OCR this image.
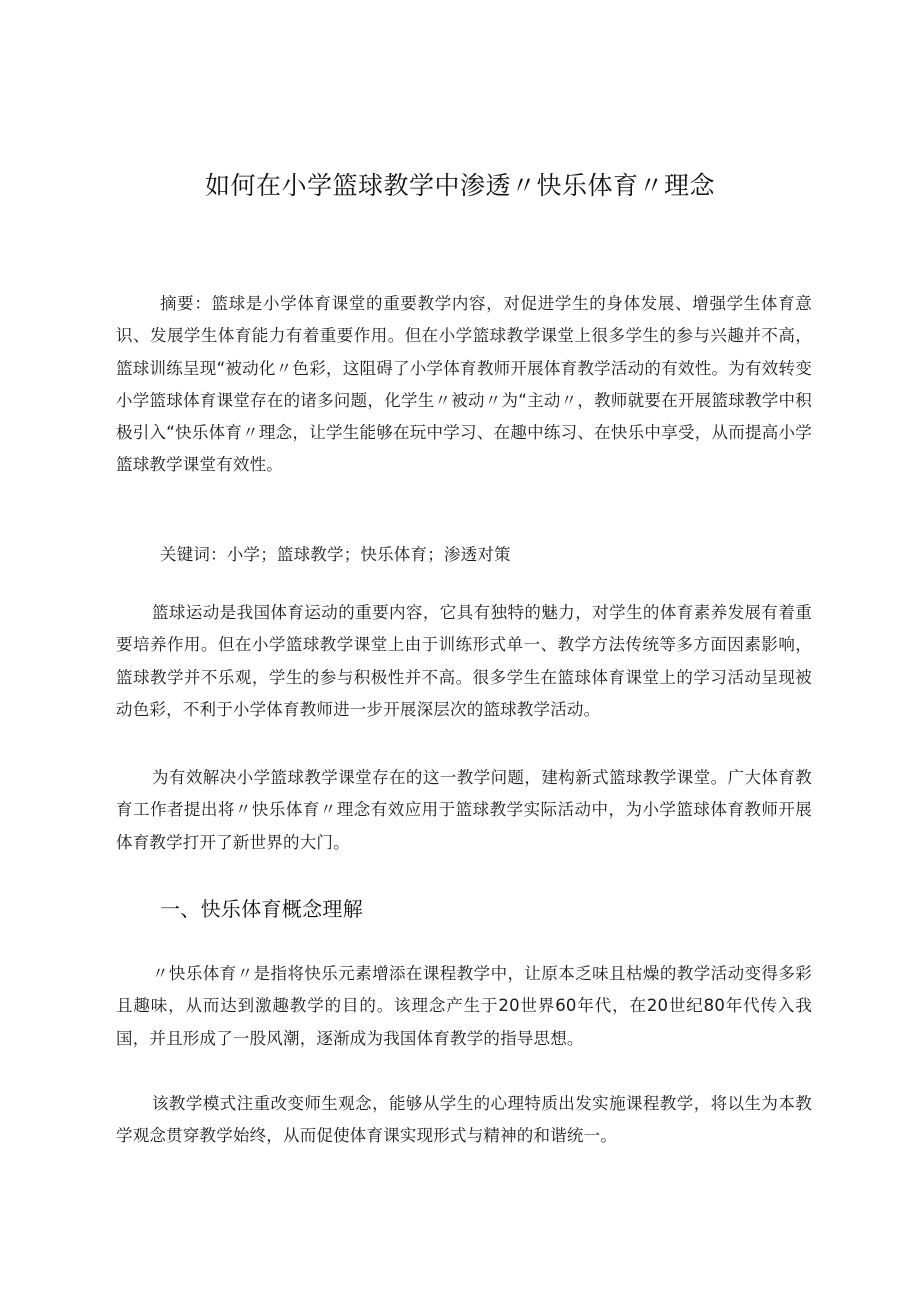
如何在小学篮球教学中渗透〃快乐体育〃理念

摘要：篮球是小学体育课堂的重要教学内容，对促进学生的身体发展、增强学生体育意识、发展学生体育能力有着重要作用。但在小学篮球教学课堂上很多学生的参与兴趣并不高，篮球训练呈现“被动化〃色彩，这阻碍了小学体育教师开展体育教学活动的有效性。为有效转变小学篮球体育课堂存在的诸多问题，化学生〃被动〃为“主动〃，教师就要在开展篮球教学中积极引入“快乐体育〃理念，让学生能够在玩中学习、在趣中练习、在快乐中享受，从而提高小学篮球教学课堂有效性。

关键词：小学；篮球教学；快乐体育；渗透对策

篮球运动是我国体育运动的重要内容，它具有独特的魅力，对学生的体育素养发展有着重要培养作用。但在小学篮球教学课堂上由于训练形式单一、教学方法传统等多方面因素影响，篮球教学并不乐观，学生的参与积极性并不高。很多学生在篮球体育课堂上的学习活动呈现被动色彩，不利于小学体育教师进一步开展深层次的篮球教学活动。

为有效解决小学篮球教学课堂存在的这一教学问题，建构新式篮球教学课堂。广大体育教育工作者提出将〃快乐体育〃理念有效应用于篮球教学实际活动中，为小学篮球体育教师开展体育教学打开了新世界的大门。

一、快乐体育概念理解

〃快乐体育〃是指将快乐元素增添在课程教学中，让原本乏味且枯燥的教学活动变得多彩且趣味，从而达到激趣教学的目的。该理念产生于20世界60年代，在20世纪80年代传入我国，并且形成了一股风潮，逐渐成为我国体育教学的指导思想。

该教学模式注重改变师生观念，能够从学生的心理特质出发实施课程教学，将以生为本教学观念贯穿教学始终，从而促使体育课实现形式与精神的和谐统一。
